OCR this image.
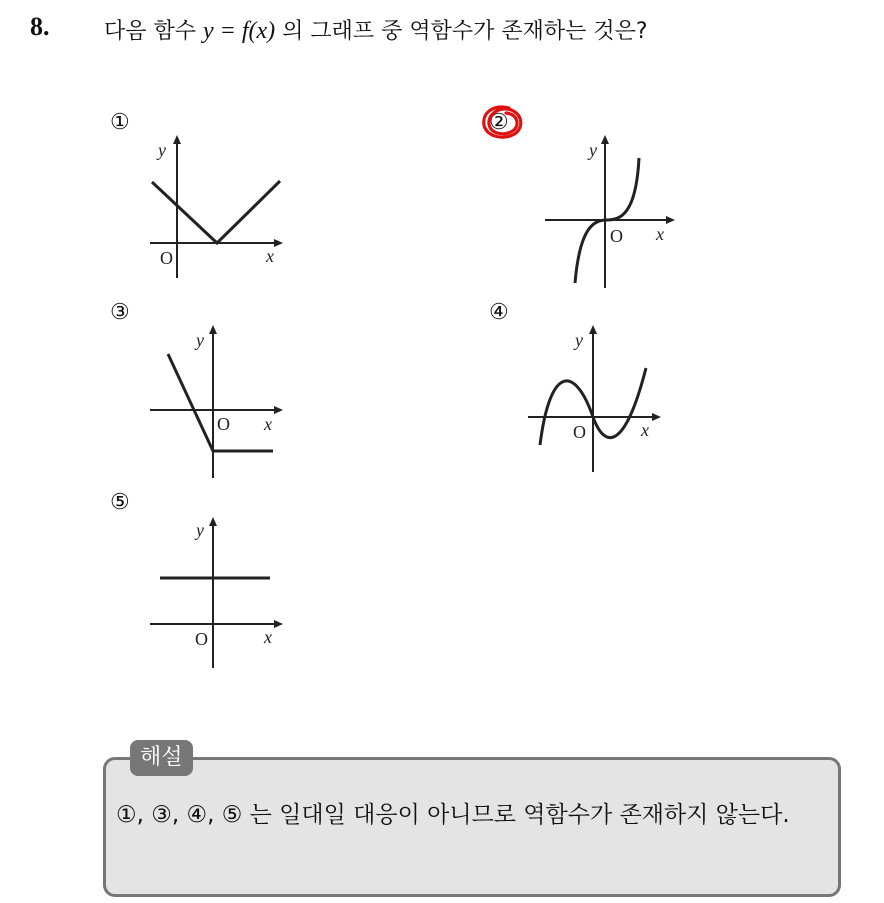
8. 다음 함수 y = f(x) 의 그래프 중 역함수가 존재하는 것은?
①	②
③	④
⑤
x
y
O
x
y
O
x
y
O	x
y
O
x
y
O
해설
①, ③, ④, ⑤ 는 일대일 대응이 아니므로 역함수가 존재하지 않는다.
